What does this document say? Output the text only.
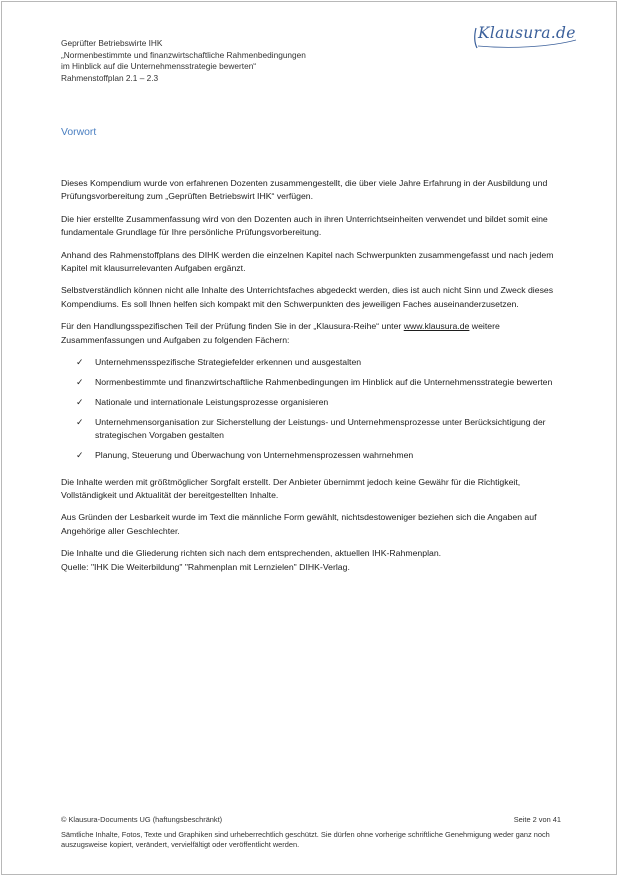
Geprüfter Betriebswirte IHK
„Normenbestimmte und finanzwirtschaftliche Rahmenbedingungen
im Hinblick auf die Unternehmensstrategie bewerten“
Rahmenstoffplan 2.1 – 2.3
Klausura.de
Vorwort

Dieses Kompendium wurde von erfahrenen Dozenten zusammengestellt, die über viele Jahre Erfahrung in der Ausbildung und Prüfungsvorbereitung zum „Geprüften Betriebswirt IHK“ verfügen.

Die hier erstellte Zusammenfassung wird von den Dozenten auch in ihren Unterrichtseinheiten verwendet und bildet somit eine fundamentale Grundlage für Ihre persönliche Prüfungsvorbereitung.

Anhand des Rahmenstoffplans des DIHK werden die einzelnen Kapitel nach Schwerpunkten zusammengefasst und nach jedem Kapitel mit klausurrelevanten Aufgaben ergänzt.

Selbstverständlich können nicht alle Inhalte des Unterrichtsfaches abgedeckt werden, dies ist auch nicht Sinn und Zweck dieses Kompendiums. Es soll Ihnen helfen sich kompakt mit den Schwerpunkten des jeweiligen Faches auseinanderzusetzen.

Für den Handlungsspezifischen Teil der Prüfung finden Sie in der „Klausura-Reihe“ unter www.klausura.de weitere Zusammenfassungen und Aufgaben zu folgenden Fächern:

✓ Unternehmensspezifische Strategiefelder erkennen und ausgestalten
✓ Normenbestimmte und finanzwirtschaftliche Rahmenbedingungen im Hinblick auf die Unternehmensstrategie bewerten
✓ Nationale und internationale Leistungsprozesse organisieren
✓ Unternehmensorganisation zur Sicherstellung der Leistungs- und Unternehmensprozesse unter Berücksichtigung der strategischen Vorgaben gestalten
✓ Planung, Steuerung und Überwachung von Unternehmensprozessen wahrnehmen

Die Inhalte werden mit größtmöglicher Sorgfalt erstellt. Der Anbieter übernimmt jedoch keine Gewähr für die Richtigkeit, Vollständigkeit und Aktualität der bereitgestellten Inhalte.

Aus Gründen der Lesbarkeit wurde im Text die männliche Form gewählt, nichtsdestoweniger beziehen sich die Angaben auf Angehörige aller Geschlechter.

Die Inhalte und die Gliederung richten sich nach dem entsprechenden, aktuellen IHK-Rahmenplan.

Quelle: "IHK Die Weiterbildung" "Rahmenplan mit Lernzielen" DIHK-Verlag.

© Klausura-Documents UG (haftungsbeschränkt)	Seite 2 von 41
Sämtliche Inhalte, Fotos, Texte und Graphiken sind urheberrechtlich geschützt. Sie dürfen ohne vorherige schriftliche Genehmigung weder ganz noch
auszugsweise kopiert, verändert, vervielfältigt oder veröffentlicht werden.
